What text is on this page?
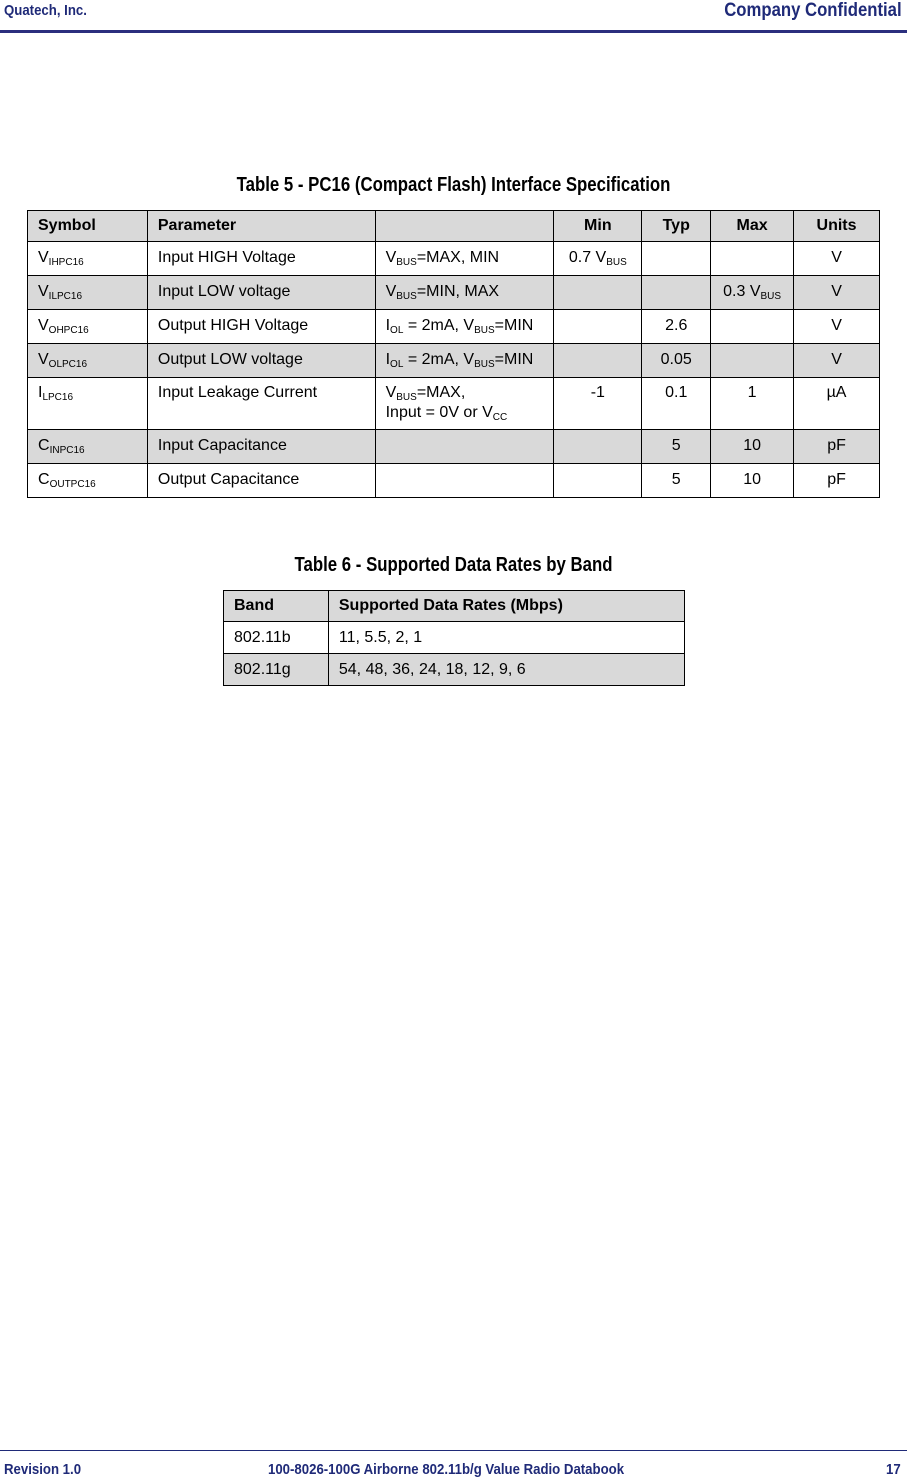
Quatech, Inc.	Company Confidential
Table 5 - PC16 (Compact Flash) Interface Specification
Symbol	Parameter		Min	Typ	Max	Units
$V_{IHPC16}$	Input HIGH Voltage	$V_{BUS}=MAX$, MIN	0.7 $V_{BUS}$			V
$V_{ILPC16}$	Input LOW voltage	$V_{BUS}=MIN$, MAX			0.3 $V_{BUS}$	V
$V_{OHPC16}$	Output HIGH Voltage	$I_{OL} = 2mA$, $V_{BUS}=MIN$		2.6		V
$V_{OLPC16}$	Output LOW voltage	$I_{OL} = 2mA$, $V_{BUS}=MIN$		0.05		V
$I_{LPC16}$	Input Leakage Current	$V_{BUS}=MAX$,
Input = 0V or $V_{CC}$	-1	0.1	1	µA
$C_{INPC16}$	Input Capacitance			5	10	pF
$C_{OUTPC16}$	Output Capacitance			5	10	pF
Table 6 - Supported Data Rates by Band
Band	Supported Data Rates (Mbps)
802.11b	11, 5.5, 2, 1
802.11g	54, 48, 36, 24, 18, 12, 9, 6
Revision 1.0	100-8026-100G Airborne 802.11b/g Value Radio Databook	17
